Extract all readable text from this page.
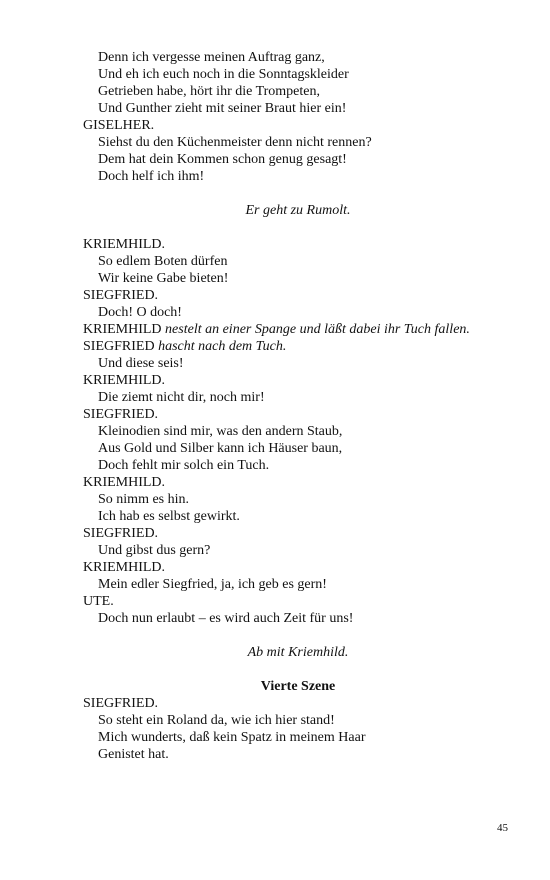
Denn ich vergesse meinen Auftrag ganz,
Und eh ich euch noch in die Sonntagskleider
Getrieben habe, hört ihr die Trompeten,
Und Gunther zieht mit seiner Braut hier ein!
GISELHER.
Siehst du den Küchenmeister denn nicht rennen?
Dem hat dein Kommen schon genug gesagt!
Doch helf ich ihm!
Er geht zu Rumolt.
KRIEMHILD.
So edlem Boten dürfen
Wir keine Gabe bieten!
SIEGFRIED.
Doch! O doch!
KRIEMHILD nestelt an einer Spange und läßt dabei ihr Tuch fallen.
SIEGFRIED hascht nach dem Tuch.
Und diese seis!
KRIEMHILD.
Die ziemt nicht dir, noch mir!
SIEGFRIED.
Kleinodien sind mir, was den andern Staub,
Aus Gold und Silber kann ich Häuser baun,
Doch fehlt mir solch ein Tuch.
KRIEMHILD.
So nimm es hin.
Ich hab es selbst gewirkt.
SIEGFRIED.
Und gibst dus gern?
KRIEMHILD.
Mein edler Siegfried, ja, ich geb es gern!
UTE.
Doch nun erlaubt – es wird auch Zeit für uns!
Ab mit Kriemhild.
Vierte Szene
SIEGFRIED.
So steht ein Roland da, wie ich hier stand!
Mich wunderts, daß kein Spatz in meinem Haar
Genistet hat.
45
